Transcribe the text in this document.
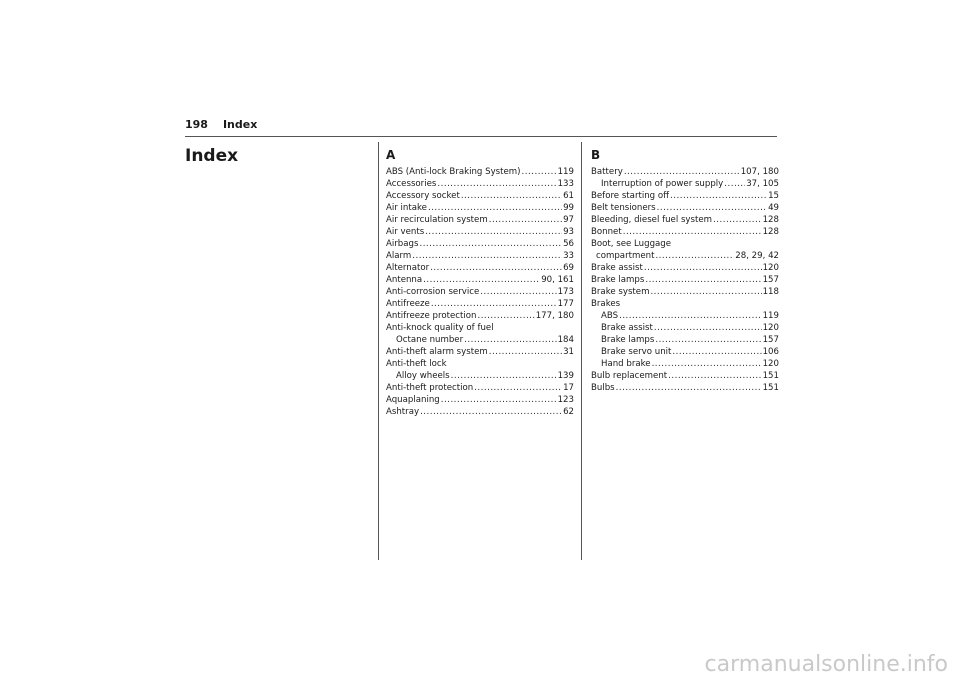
198 Index
Index	A
ABS (Anti-lock Braking System) .....	119
Accessories .....	133
Accessory socket .....	61
Air intake .....	99
Air recirculation system .....	97
Air vents .....	93
Airbags .....	56
Alarm .....	33
Alternator .....	69
Antenna .....	90, 161
Anti-corrosion service .....	173
Antifreeze .....	177
Antifreeze protection .....	177, 180
Anti-knock quality of fuel
Octane number .....	184
Anti-theft alarm system .....	31
Anti-theft lock
Alloy wheels .....	139
Anti-theft protection .....	17
Aquaplaning .....	123
Ashtray .....	62
B
Battery .....	107, 180
Interruption of power supply .....	37, 105
Before starting off .....	15
Belt tensioners .....	49
Bleeding, diesel fuel system .....	128
Bonnet .....	128
Boot, see Luggage
compartment .....	28, 29, 42
Brake assist .....	120
Brake lamps .....	157
Brake system .....	118
Brakes
ABS .....	119
Brake assist .....	120
Brake lamps .....	157
Brake servo unit .....	106
Hand brake .....	120
Bulb replacement .....	151
Bulbs .....	151
carmanualsonline.info
